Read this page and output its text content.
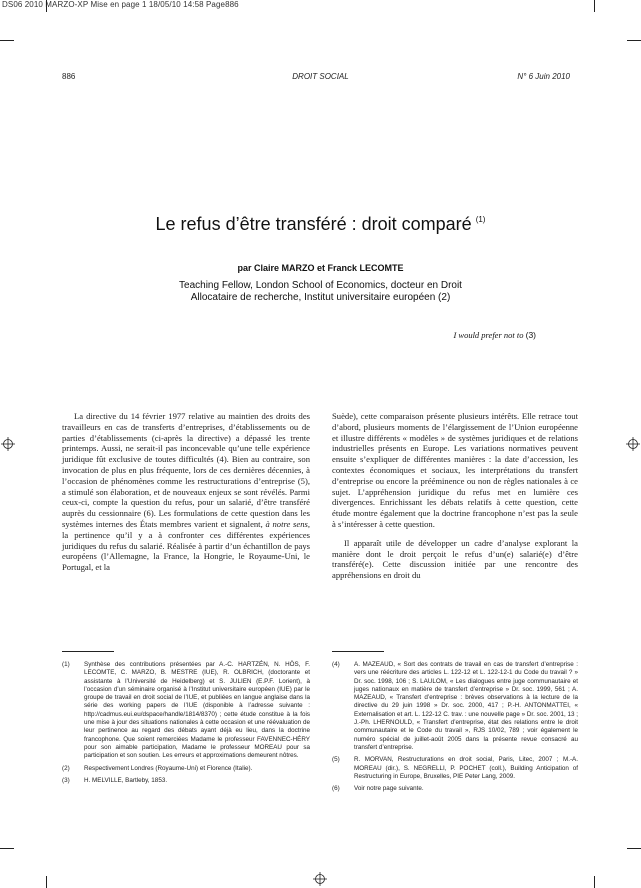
DS06 2010 MARZO-XP Mise en page 1 18/05/10 14:58 Page886
886	DROIT SOCIAL	N° 6 Juin 2010
Le refus d’être transféré : droit comparé $^{(1)}$
par Claire MARZO et Franck LECOMTE
Teaching Fellow, London School of Economics, docteur en Droit
Allocataire de recherche, Institut universitaire européen (2)
I would prefer not to (3)

La directive du 14 février 1977 relative au maintien des droits des travailleurs en cas de transferts d’entreprises, d’établissements ou de parties d’établissements (ci-après la directive) a dépassé les trente printemps. Aussi, ne serait-il pas inconcevable qu’une telle expérience juridique fût exclusive de toutes difficultés (4). Bien au contraire, son invocation de plus en plus fréquente, lors de ces dernières décennies, à l’occasion de phénomènes comme les restructurations d’entreprise (5), a stimulé son élaboration, et de nouveaux enjeux se sont révélés. Parmi ceux-ci, compte la question du refus, pour un salarié, d’être transféré auprès du cessionnaire (6). Les formulations de cette question dans les systèmes internes des États membres varient et signalent, à notre sens, la pertinence qu’il y a à confronter ces différentes expériences juridiques du refus du salarié. Réalisée à partir d’un échantillon de pays européens (l’Allemagne, la France, la Hongrie, le Royaume-Uni, le Portugal, et la

Suède), cette comparaison présente plusieurs intérêts. Elle retrace tout d’abord, plusieurs moments de l’élargissement de l’Union européenne et illustre différents « modèles » de systèmes juridiques et de relations industrielles présents en Europe. Les variations normatives peuvent ensuite s’expliquer de différentes manières : la date d’accession, les contextes économiques et sociaux, les interprétations du transfert d’entreprise ou encore la prééminence ou non de règles nationales à ce sujet. L’appréhension juridique du refus met en lumière ces divergences. Enrichissant les débats relatifs à cette question, cette étude montre également que la doctrine francophone n’est pas la seule à s’intéresser à cette question.

Il apparaît utile de développer un cadre d’analyse explorant la manière dont le droit perçoit le refus d’un(e) salarié(e) d’être transféré(e). Cette discussion initiée par une rencontre des appréhensions en droit du

(1)	Synthèse des contributions présentées par A.-C. HARTZÉN, N. HÖS, F. LECOMTE, C. MARZO, B. MESTRE (IUE), R. OLBRICH, (doctorante et assistante à l’Université de Heidelberg) et S. JULIEN (E.P.F. Lorient), à l’occasion d’un séminaire organisé à l’Institut universitaire européen (IUE) par le groupe de travail en droit social de l’IUE, et publiées en langue anglaise dans la série des working papers de l’IUE (disponible à l’adresse suivante : http://cadmus.eui.eu/dspace/handle/1814/8370) ; cette étude constitue à la fois une mise à jour des situations nationales à cette occasion et une réévaluation de leur pertinence au regard des débats ayant déjà eu lieu, dans la doctrine francophone. Que soient remerciées Madame le professeur FAVENNEC-HÉRY pour son aimable participation, Madame le professeur MOREAU pour sa participation et son soutien. Les erreurs et approximations demeurent nôtres.
(2)	Respectivement Londres (Royaume-Uni) et Florence (Italie).
(3)	H. MELVILLE, Bartleby, 1853.
(4)	A. MAZEAUD, « Sort des contrats de travail en cas de transfert d’entreprise : vers une réécriture des articles L. 122-12 et L. 122-12-1 du Code du travail ? » Dr. soc. 1998, 106 ; S. LAULOM, « Les dialogues entre juge communautaire et juges nationaux en matière de transfert d’entreprise » Dr. soc. 1999, 561 ; A. MAZEAUD, « Transfert d’entreprise : brèves observations à la lecture de la directive du 29 juin 1998 » Dr. soc. 2000, 417 ; P.-H. ANTONMATTEI, « Externalisation et art. L. 122-12 C. trav. : une nouvelle page » Dr. soc. 2001, 13 ; J.-Ph. LHERNOULD, « Transfert d’entreprise, état des relations entre le droit communautaire et le Code du travail », RJS 10/02, 789 ; voir également le numéro spécial de juillet-août 2005 dans la présente revue consacré au transfert d’entreprise.
(5)	R. MORVAN, Restructurations en droit social, Paris, Litec, 2007 ; M.-A. MOREAU (dir.), S. NEGRELLI, P. POCHET (coll.), Building Anticipation of Restructuring in Europe, Bruxelles, PIE Peter Lang, 2009.
(6)	Voir notre page suivante.
